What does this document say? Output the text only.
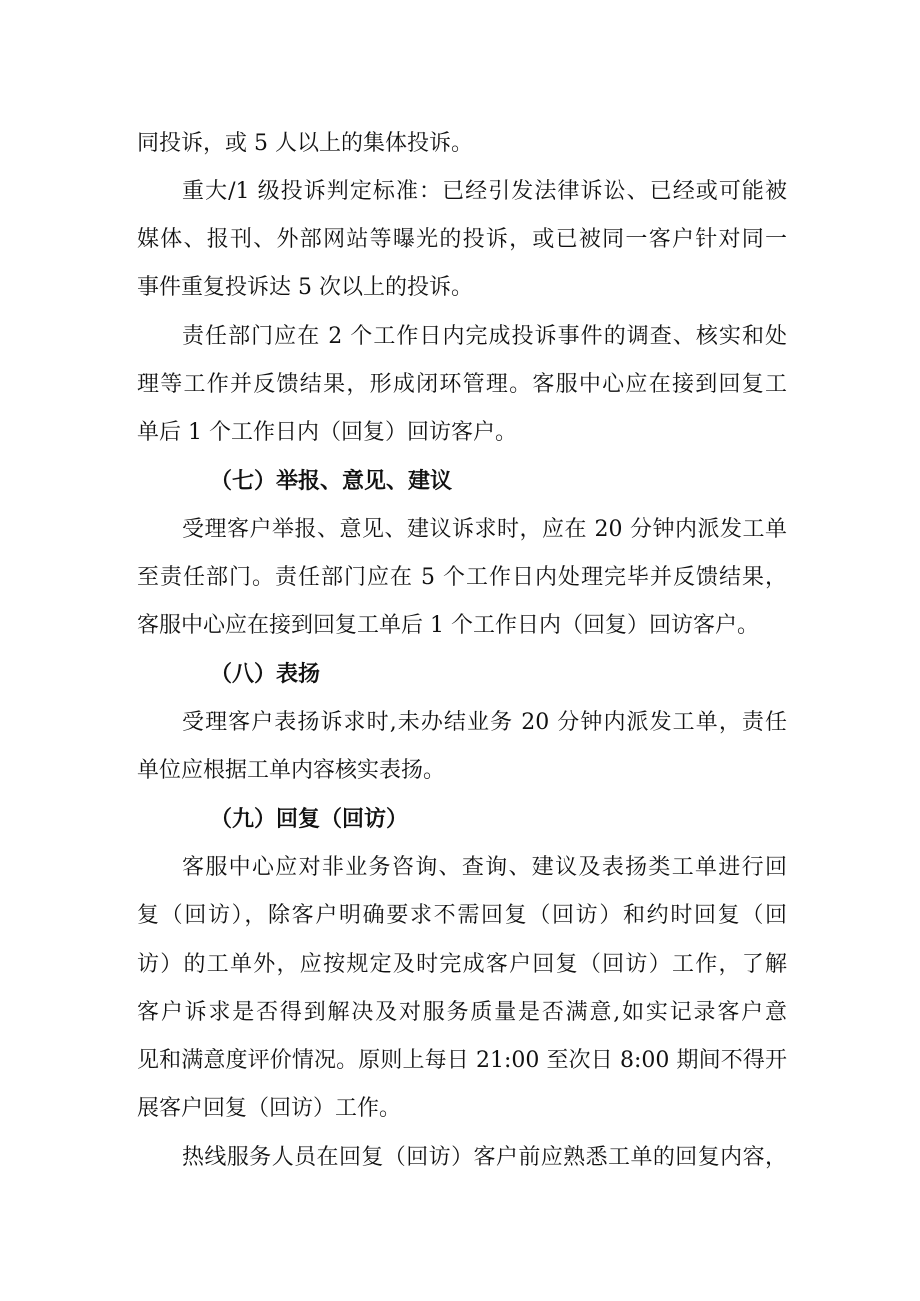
同投诉，或 5 人以上的集体投诉。
重大/1 级投诉判定标准：已经引发法律诉讼、已经或可能被
媒体、报刊、外部网站等曝光的投诉，或已被同一客户针对同一
事件重复投诉达 5 次以上的投诉。
责任部门应在 2 个工作日内完成投诉事件的调查、核实和处
理等工作并反馈结果，形成闭环管理。客服中心应在接到回复工
单后 1 个工作日内（回复）回访客户。
（七）举报、意见、建议
受理客户举报、意见、建议诉求时，应在 20 分钟内派发工单
至责任部门。责任部门应在 5 个工作日内处理完毕并反馈结果，
客服中心应在接到回复工单后 1 个工作日内（回复）回访客户。
（八）表扬
受理客户表扬诉求时,未办结业务 20 分钟内派发工单，责任
单位应根据工单内容核实表扬。
（九）回复（回访）
客服中心应对非业务咨询、查询、建议及表扬类工单进行回
复（回访），除客户明确要求不需回复（回访）和约时回复（回
访）的工单外，应按规定及时完成客户回复（回访）工作，了解
客户诉求是否得到解决及对服务质量是否满意,如实记录客户意
见和满意度评价情况。原则上每日 21:00 至次日 8:00 期间不得开
展客户回复（回访）工作。
热线服务人员在回复（回访）客户前应熟悉工单的回复内容，
